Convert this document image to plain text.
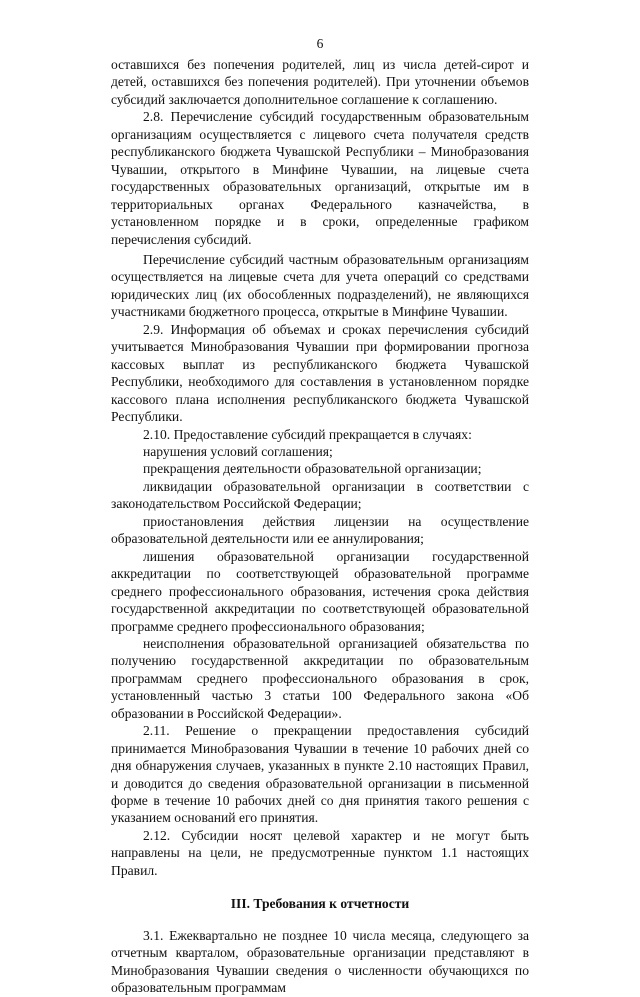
6

оставшихся без попечения родителей, лиц из числа детей-сирот и детей, оставшихся без попечения родителей). При уточнении объемов субсидий заключается дополнительное соглашение к соглашению.

2.8. Перечисление субсидий государственным образовательным организациям осуществляется с лицевого счета получателя средств республиканского бюджета Чувашской Республики – Минобразования Чувашии, открытого в Минфине Чувашии, на лицевые счета государственных образовательных организаций, открытые им в территориальных органах Федерального казначейства, в установленном порядке и в сроки, определенные графиком перечисления субсидий.

Перечисление субсидий частным образовательным организациям осуществляется на лицевые счета для учета операций со средствами юридических лиц (их обособленных подразделений), не являющихся участниками бюджетного процесса, открытые в Минфине Чувашии.

2.9. Информация об объемах и сроках перечисления субсидий учитывается Минобразования Чувашии при формировании прогноза кассовых выплат из республиканского бюджета Чувашской Республики, необходимого для составления в установленном порядке кассового плана исполнения республиканского бюджета Чувашской Республики.

2.10. Предоставление субсидий прекращается в случаях:

нарушения условий соглашения;

прекращения деятельности образовательной организации;

ликвидации образовательной организации в соответствии с законодательством Российской Федерации;

приостановления действия лицензии на осуществление образовательной деятельности или ее аннулирования;

лишения образовательной организации государственной аккредитации по соответствующей образовательной программе среднего профессионального образования, истечения срока действия государственной аккредитации по соответствующей образовательной программе среднего профессионального образования;

неисполнения образовательной организацией обязательства по получению государственной аккредитации по образовательным программам среднего профессионального образования в срок, установленный частью 3 статьи 100 Федерального закона «Об образовании в Российской Федерации».

2.11. Решение о прекращении предоставления субсидий принимается Минобразования Чувашии в течение 10 рабочих дней со дня обнаружения случаев, указанных в пункте 2.10 настоящих Правил, и доводится до сведения образовательной организации в письменной форме в течение 10 рабочих дней со дня принятия такого решения с указанием оснований его принятия.

2.12. Субсидии носят целевой характер и не могут быть направлены на цели, не предусмотренные пунктом 1.1 настоящих Правил.

III. Требования к отчетности

3.1. Ежеквартально не позднее 10 числа месяца, следующего за отчетным кварталом, образовательные организации представляют в Минобразования Чувашии сведения о численности обучающихся по образовательным программам
